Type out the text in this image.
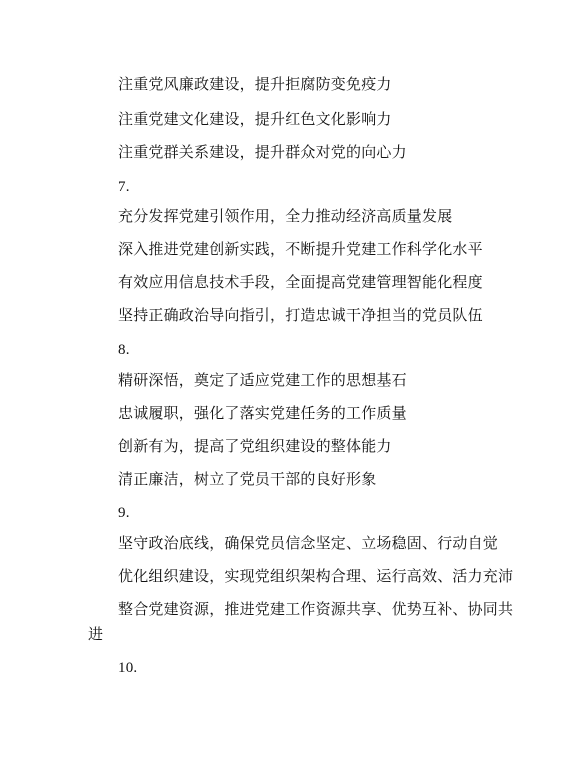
注重党风廉政建设，提升拒腐防变免疫力
注重党建文化建设，提升红色文化影响力
注重党群关系建设，提升群众对党的向心力
7.
充分发挥党建引领作用，全力推动经济高质量发展
深入推进党建创新实践，不断提升党建工作科学化水平
有效应用信息技术手段，全面提高党建管理智能化程度
坚持正确政治导向指引，打造忠诚干净担当的党员队伍
8.
精研深悟，奠定了适应党建工作的思想基石
忠诚履职，强化了落实党建任务的工作质量
创新有为，提高了党组织建设的整体能力
清正廉洁，树立了党员干部的良好形象
9.
坚守政治底线，确保党员信念坚定、立场稳固、行动自觉
优化组织建设，实现党组织架构合理、运行高效、活力充沛
整合党建资源，推进党建工作资源共享、优势互补、协同共
进
10.
